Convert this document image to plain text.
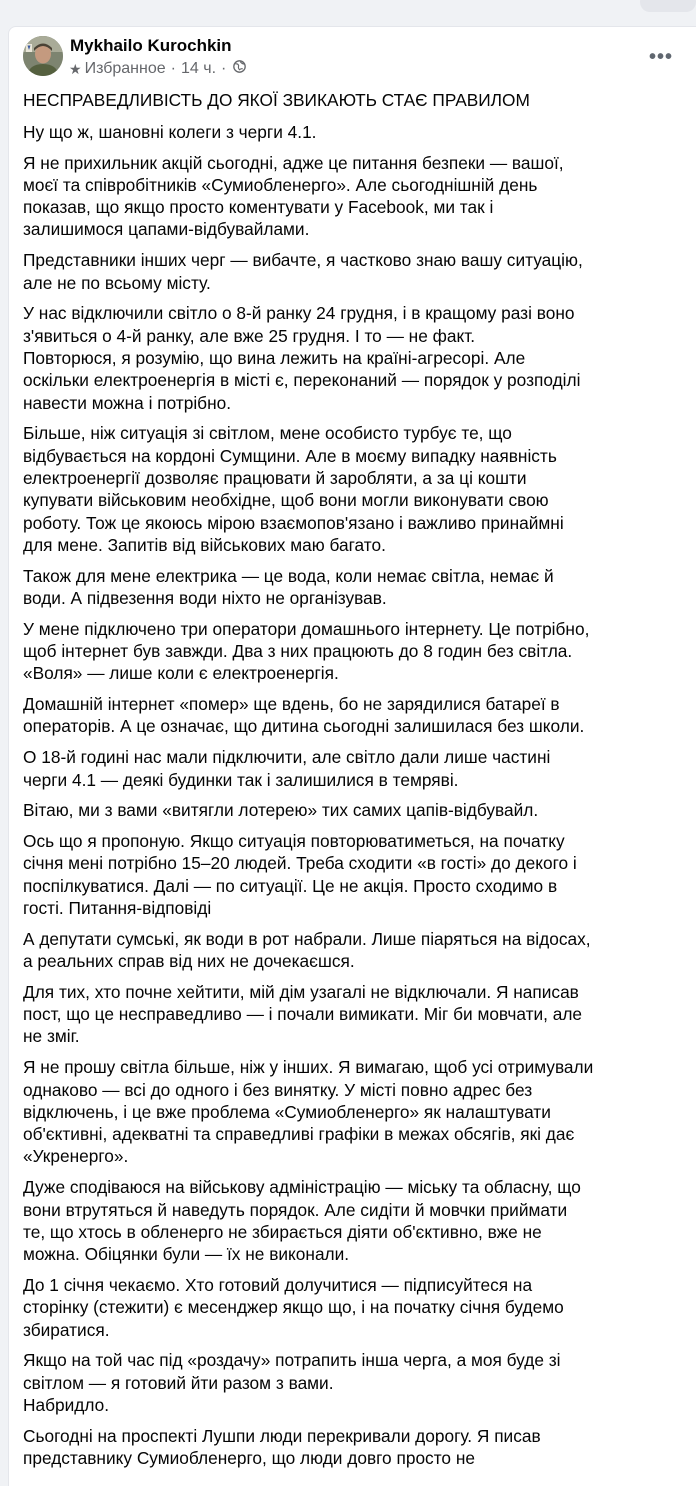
Mykhailo Kurochkin
★ Избранное · 14 ч. ·
•••

НЕСПРАВЕДЛИВІСТЬ ДО ЯКОЇ ЗВИКАЮТЬ СТАЄ ПРАВИЛОМ

Ну що ж, шановні колеги з черги 4.1.

Я не прихильник акцій сьогодні, адже це питання безпеки — вашої,
моєї та співробітників «Сумиобленерго». Але сьогоднішній день
показав, що якщо просто коментувати у Facebook, ми так і
залишимося цапами-відбувайлами.

Представники інших черг — вибачте, я частково знаю вашу ситуацію,
але не по всьому місту.

У нас відключили світло о 8-й ранку 24 грудня, і в кращому разі воно
з'явиться о 4-й ранку, але вже 25 грудня. І то — не факт.
Повторюся, я розумію, що вина лежить на країні-агресорі. Але
оскільки електроенергія в місті є, переконаний — порядок у розподілі
навести можна і потрібно.

Більше, ніж ситуація зі світлом, мене особисто турбує те, що
відбувається на кордоні Сумщини. Але в моєму випадку наявність
електроенергії дозволяє працювати й заробляти, а за ці кошти
купувати військовим необхідне, щоб вони могли виконувати свою
роботу. Тож це якоюсь мірою взаємопов'язано і важливо принаймні
для мене. Запитів від військових маю багато.

Також для мене електрика — це вода, коли немає світла, немає й
води. А підвезення води ніхто не організував.

У мене підключено три оператори домашнього інтернету. Це потрібно,
щоб інтернет був завжди. Два з них працюють до 8 годин без світла.
«Воля» — лише коли є електроенергія.

Домашній інтернет «помер» ще вдень, бо не зарядилися батареї в
операторів. А це означає, що дитина сьогодні залишилася без школи.

О 18-й годині нас мали підключити, але світло дали лише частині
черги 4.1 — деякі будинки так і залишилися в темряві.

Вітаю, ми з вами «витягли лотерею» тих самих цапів-відбувайл.

Ось що я пропоную. Якщо ситуація повторюватиметься, на початку
січня мені потрібно 15–20 людей. Треба сходити «в гості» до декого і
поспілкуватися. Далі — по ситуації. Це не акція. Просто сходимо в
гості. Питання-відповіді

А депутати сумські, як води в рот набрали. Лише піаряться на відосах,
а реальних справ від них не дочекаєшся.

Для тих, хто почне хейтити, мій дім узагалі не відключали. Я написав
пост, що це несправедливо — і почали вимикати. Міг би мовчати, але
не зміг.

Я не прошу світла більше, ніж у інших. Я вимагаю, щоб усі отримували
однаково — всі до одного і без винятку. У місті повно адрес без
відключень, і це вже проблема «Сумиобленерго» як налаштувати
об'єктивні, адекватні та справедливі графіки в межах обсягів, які дає
«Укренерго».

Дуже сподіваюся на військову адміністрацію — міську та обласну, що
вони втрутяться й наведуть порядок. Але сидіти й мовчки приймати
те, що хтось в обленерго не збирається діяти об'єктивно, вже не
можна. Обіцянки були — їх не виконали.

До 1 січня чекаємо. Хто готовий долучитися — підписуйтеся на
сторінку (стежити) є месенджер якщо що, і на початку січня будемо
збиратися.

Якщо на той час під «роздачу» потрапить інша черга, а моя буде зі
світлом — я готовий йти разом з вами.
Набридло.

Сьогодні на проспекті Лушпи люди перекривали дорогу. Я писав
представнику Сумиобленерго, що люди довго просто не
